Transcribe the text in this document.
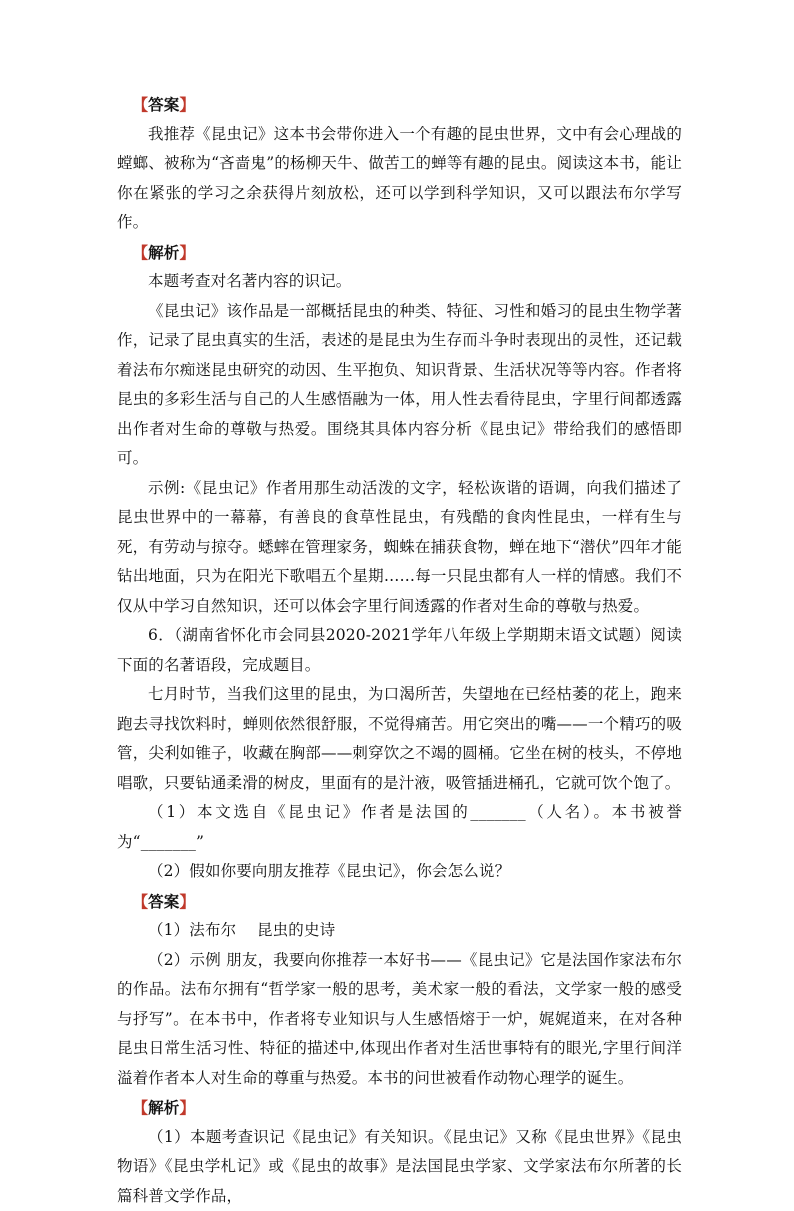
【答案】

我推荐《昆虫记》这本书会带你进入一个有趣的昆虫世界，文中有会心理战的螳螂、被称为“吝啬鬼”的杨柳天牛、做苦工的蝉等有趣的昆虫。阅读这本书，能让你在紧张的学习之余获得片刻放松，还可以学到科学知识，又可以跟法布尔学写作。

【解析】

本题考查对名著内容的识记。

《昆虫记》该作品是一部概括昆虫的种类、特征、习性和婚习的昆虫生物学著作，记录了昆虫真实的生活，表述的是昆虫为生存而斗争时表现出的灵性，还记载着法布尔痴迷昆虫研究的动因、生平抱负、知识背景、生活状况等等内容。作者将昆虫的多彩生活与自己的人生感悟融为一体，用人性去看待昆虫，字里行间都透露出作者对生命的尊敬与热爱。围绕其具体内容分析《昆虫记》带给我们的感悟即可。

示例:《昆虫记》作者用那生动活泼的文字，轻松诙谐的语调，向我们描述了昆虫世界中的一幕幕，有善良的食草性昆虫，有残酷的食肉性昆虫，一样有生与死，有劳动与掠夺。蟋蟀在管理家务，蜘蛛在捕获食物，蝉在地下“潜伏”四年才能钻出地面，只为在阳光下歌唱五个星期……每一只昆虫都有人一样的情感。我们不仅从中学习自然知识，还可以体会字里行间透露的作者对生命的尊敬与热爱。

6．（湖南省怀化市会同县2020-2021学年八年级上学期期末语文试题）阅读下面的名著语段，完成题目。

七月时节，当我们这里的昆虫，为口渴所苦，失望地在已经枯萎的花上，跑来跑去寻找饮料时，蝉则依然很舒服，不觉得痛苦。用它突出的嘴——一个精巧的吸管，尖利如锥子，收藏在胸部——刺穿饮之不竭的圆桶。它坐在树的枝头，不停地唱歌，只要钻通柔滑的树皮，里面有的是汁液，吸管插进桶孔，它就可饮个饱了。

（1）本文选自《昆虫记》作者是法国的_______（人名）。本书被誉为“_______”

（2）假如你要向朋友推荐《昆虫记》，你会怎么说？

【答案】

（1）法布尔　 昆虫的史诗

（2）示例 朋友，我要向你推荐一本好书——《昆虫记》它是法国作家法布尔的作品。法布尔拥有“哲学家一般的思考，美术家一般的看法，文学家一般的感受与抒写”。在本书中，作者将专业知识与人生感悟熔于一炉，娓娓道来，在对各种昆虫日常生活习性、特征的描述中,体现出作者对生活世事特有的眼光,字里行间洋溢着作者本人对生命的尊重与热爱。本书的问世被看作动物心理学的诞生。

【解析】

（1）本题考查识记《昆虫记》有关知识。《昆虫记》又称《昆虫世界》《昆虫物语》《昆虫学札记》或《昆虫的故事》是法国昆虫学家、文学家法布尔所著的长篇科普文学作品，
